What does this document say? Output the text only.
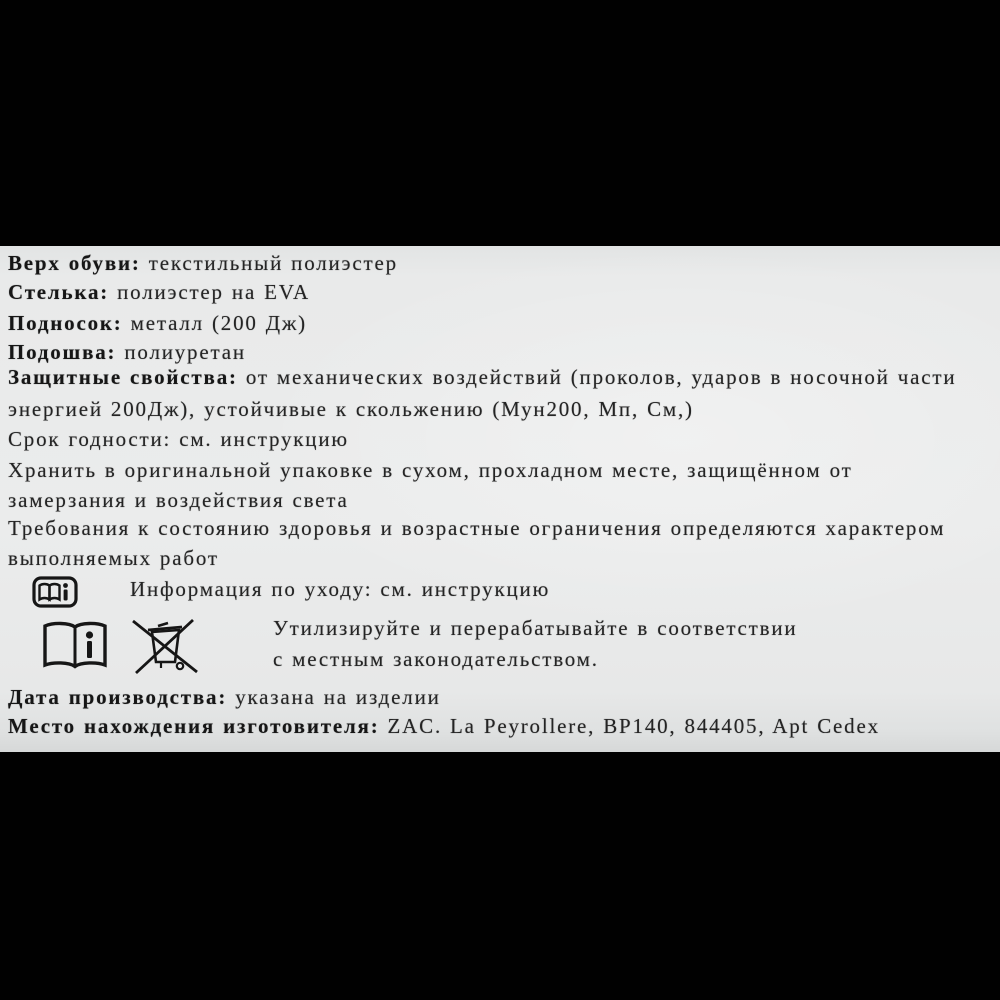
Верх обуви: текстильный полиэстер
Стелька: полиэстер на EVA
Подносок: металл (200 Дж)
Подошва: полиуретан
Защитные свойства: от механических воздействий (проколов, ударов в носочной части
энергией 200Дж), устойчивые к скольжению (Мун200, Мп, См,)
Срок годности: см. инструкцию
Хранить в оригинальной упаковке в сухом, прохладном месте, защищённом от
замерзания и воздействия света
Требования к состоянию здоровья и возрастные ограничения определяются характером
выполняемых работ
Информация по уходу: см. инструкцию
Утилизируйте и перерабатывайте в соответствии
с местным законодательством.
Дата производства: указана на изделии
Место нахождения изготовителя: ZAC. La Peyrollere, BP140, 844405, Apt Cedex
